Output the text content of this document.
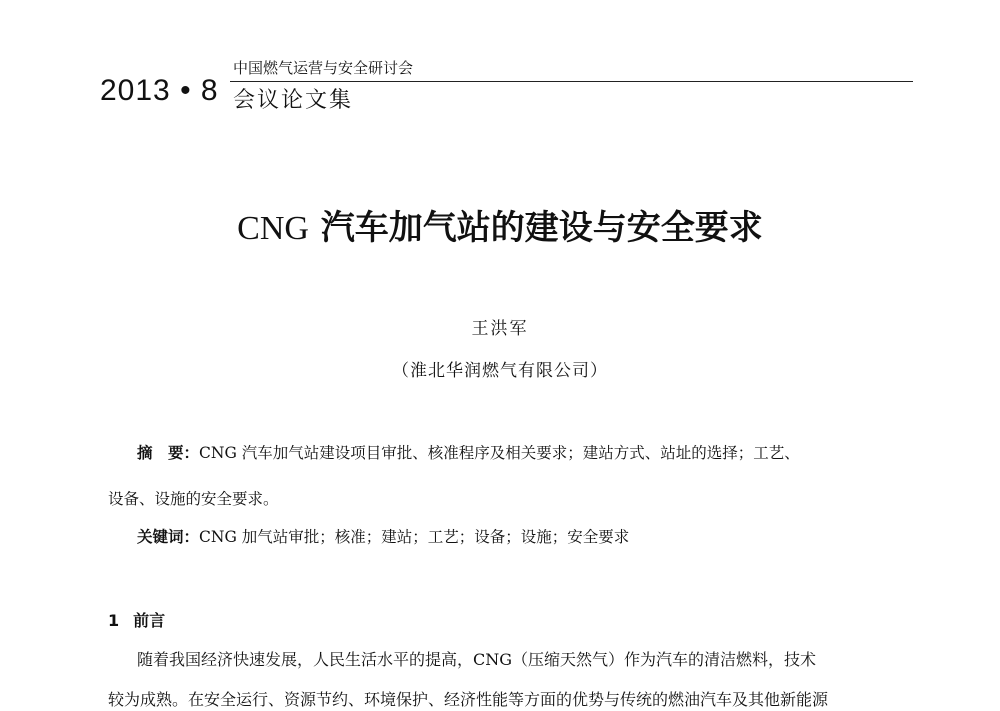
2013 • 8
中国燃气运营与安全研讨会
会议论文集
CNG 汽车加气站的建设与安全要求
王洪军
（淮北华润燃气有限公司）
摘　要：CNG 汽车加气站建设项目审批、核准程序及相关要求；建站方式、站址的选择；工艺、
设备、设施的安全要求。
关键词：CNG 加气站审批；核准；建站；工艺；设备；设施；安全要求
1 前言
随着我国经济快速发展，人民生活水平的提高，CNG（压缩天然气）作为汽车的清洁燃料，技术
较为成熟。在安全运行、资源节约、环境保护、经济性能等方面的优势与传统的燃油汽车及其他新能源
